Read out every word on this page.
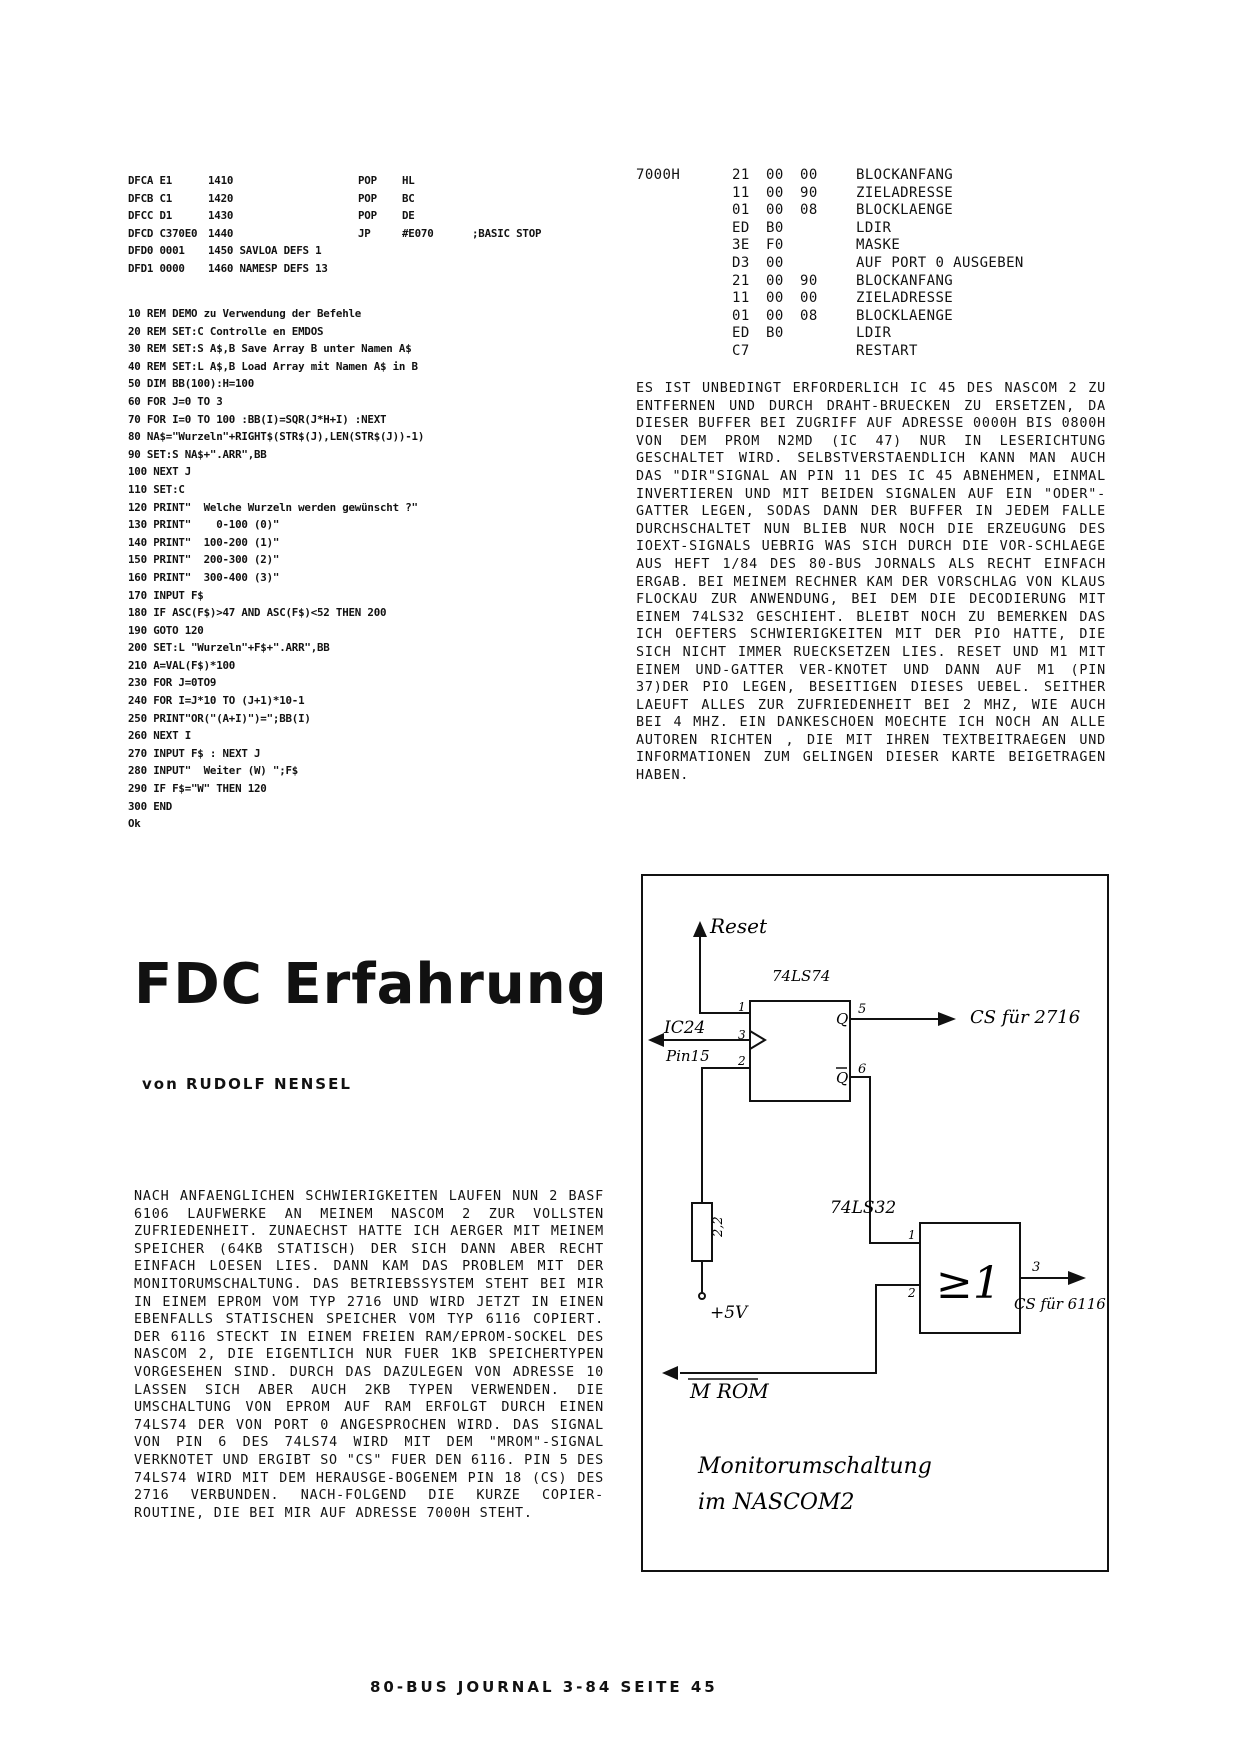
DFCA E1	1410	POP HL
DFCB C1	1420	POP BC
DFCC D1	1430	POP DE
DFCD C370E0 1440	JP	#E070	;BASIC STOP
DFD0 0001 1450 SAVLOA DEFS 1
DFD1 0000 1460 NAMESP DEFS 13
10 REM DEMO zu Verwendung der Befehle
20 REM SET:C Controlle en EMDOS
30 REM SET:S A$,B Save Array B unter Namen A$
40 REM SET:L A$,B Load Array mit Namen A$ in B
50 DIM BB(100):H=100
60 FOR J=0 TO 3
70 FOR I=0 TO 100 :BB(I)=SQR(J*H+I) :NEXT
80 NA$="Wurzeln"+RIGHT$(STR$(J),LEN(STR$(J))-1)
90 SET:S NA$+".ARR",BB
100 NEXT J
110 SET:C
120 PRINT"  Welche Wurzeln werden gewünscht ?"
130 PRINT"    0-100 (0)"
140 PRINT"  100-200 (1)"
150 PRINT"  200-300 (2)"
160 PRINT"  300-400 (3)"
170 INPUT F$
180 IF ASC(F$)>47 AND ASC(F$)<52 THEN 200
190 GOTO 120
200 SET:L "Wurzeln"+F$+".ARR",BB
210 A=VAL(F$)*100
230 FOR J=0TO9
240 FOR I=J*10 TO (J+1)*10-1
250 PRINT"OR("(A+I)")=";BB(I)
260 NEXT I
270 INPUT F$ : NEXT J
280 INPUT"  Weiter (W) ";F$
290 IF F$="W" THEN 120
300 END
Ok
7000H	21 00 00	BLOCKANFANG
11 00 90	ZIELADRESSE
01 00 08	BLOCKLAENGE
ED B0	LDIR
3E F0	MASKE
D3 00	AUF PORT 0 AUSGEBEN
21 00 90	BLOCKANFANG
11 00 00	ZIELADRESSE
01 00 08	BLOCKLAENGE
ED B0	LDIR
C7	RESTART
ES IST UNBEDINGT ERFORDERLICH IC 45 DES NASCOM 2 ZU ENTFERNEN UND DURCH DRAHT-BRUECKEN ZU ERSETZEN, DA DIESER BUFFER BEI ZUGRIFF AUF ADRESSE 0000H BIS 0800H VON DEM PROM N2MD (IC 47) NUR IN LESERICHTUNG GESCHALTET WIRD. SELBSTVERSTAENDLICH KANN MAN AUCH DAS "DIR"SIGNAL AN PIN 11 DES IC 45 ABNEHMEN, EINMAL INVERTIEREN UND MIT BEIDEN SIGNALEN AUF EIN "ODER"-GATTER LEGEN, SODAS DANN DER BUFFER IN JEDEM FALLE DURCHSCHALTET NUN BLIEB NUR NOCH DIE ERZEUGUNG DES IOEXT-SIGNALS UEBRIG WAS SICH DURCH DIE VOR-SCHLAEGE AUS HEFT 1/84 DES 80-BUS JORNALS ALS RECHT EINFACH ERGAB. BEI MEINEM RECHNER KAM DER VORSCHLAG VON KLAUS FLOCKAU ZUR ANWENDUNG, BEI DEM DIE DECODIERUNG MIT EINEM 74LS32 GESCHIEHT. BLEIBT NOCH ZU BEMERKEN DAS ICH OEFTERS SCHWIERIGKEITEN MIT DER PIO HATTE, DIE SICH NICHT IMMER RUECKSETZEN LIES. RESET UND M1 MIT EINEM UND-GATTER VER-KNOTET UND DANN AUF M1 (PIN 37)DER PIO LEGEN, BESEITIGEN DIESES UEBEL. SEITHER LAEUFT ALLES ZUR ZUFRIEDENHEIT BEI 2 MHZ, WIE AUCH BEI 4 MHZ. EIN DANKESCHOEN MOECHTE ICH NOCH AN ALLE AUTOREN RICHTEN , DIE MIT IHREN TEXTBEITRAEGEN UND INFORMATIONEN ZUM GELINGEN DIESER KARTE BEIGETRAGEN HABEN.
FDC Erfahrung
von RUDOLF NENSEL
NACH ANFAENGLICHEN SCHWIERIGKEITEN LAUFEN NUN 2 BASF 6106 LAUFWERKE AN MEINEM NASCOM 2 ZUR VOLLSTEN ZUFRIEDENHEIT. ZUNAECHST HATTE ICH AERGER MIT MEINEM SPEICHER (64KB STATISCH) DER SICH DANN ABER RECHT EINFACH LOESEN LIES. DANN KAM DAS PROBLEM MIT DER MONITORUMSCHALTUNG. DAS BETRIEBSSYSTEM STEHT BEI MIR IN EINEM EPROM VOM TYP 2716 UND WIRD JETZT IN EINEN EBENFALLS STATISCHEN SPEICHER VOM TYP 6116 COPIERT. DER 6116 STECKT IN EINEM FREIEN RAM/EPROM-SOCKEL DES NASCOM 2, DIE EIGENTLICH NUR FUER 1KB SPEICHERTYPEN VORGESEHEN SIND. DURCH DAS DAZULEGEN VON ADRESSE 10 LASSEN SICH ABER AUCH 2KB TYPEN VERWENDEN. DIE UMSCHALTUNG VON EPROM AUF RAM ERFOLGT DURCH EINEN 74LS74 DER VON PORT 0 ANGESPROCHEN WIRD. DAS SIGNAL VON PIN 6 DES 74LS74 WIRD MIT DEM "MROM"-SIGNAL VERKNOTET UND ERGIBT SO "CS" FUER DEN 6116. PIN 5 DES 74LS74 WIRD MIT DEM HERAUSGE-BOGENEM PIN 18 (CS) DES 2716 VERBUNDEN. NACH-FOLGEND DIE KURZE COPIER-ROUTINE, DIE BEI MIR AUF ADRESSE 7000H STEHT.
Reset
74LS74
IC24
Pin15
1
3
2
Q
Q
5
6
CS für 2716
74LS32
≥1
1
2
3
CS für 6116
2,2
+5V
M ROM
Monitorumschaltung
im NASCOM2
80-BUS JOURNAL 3-84 SEITE 45
